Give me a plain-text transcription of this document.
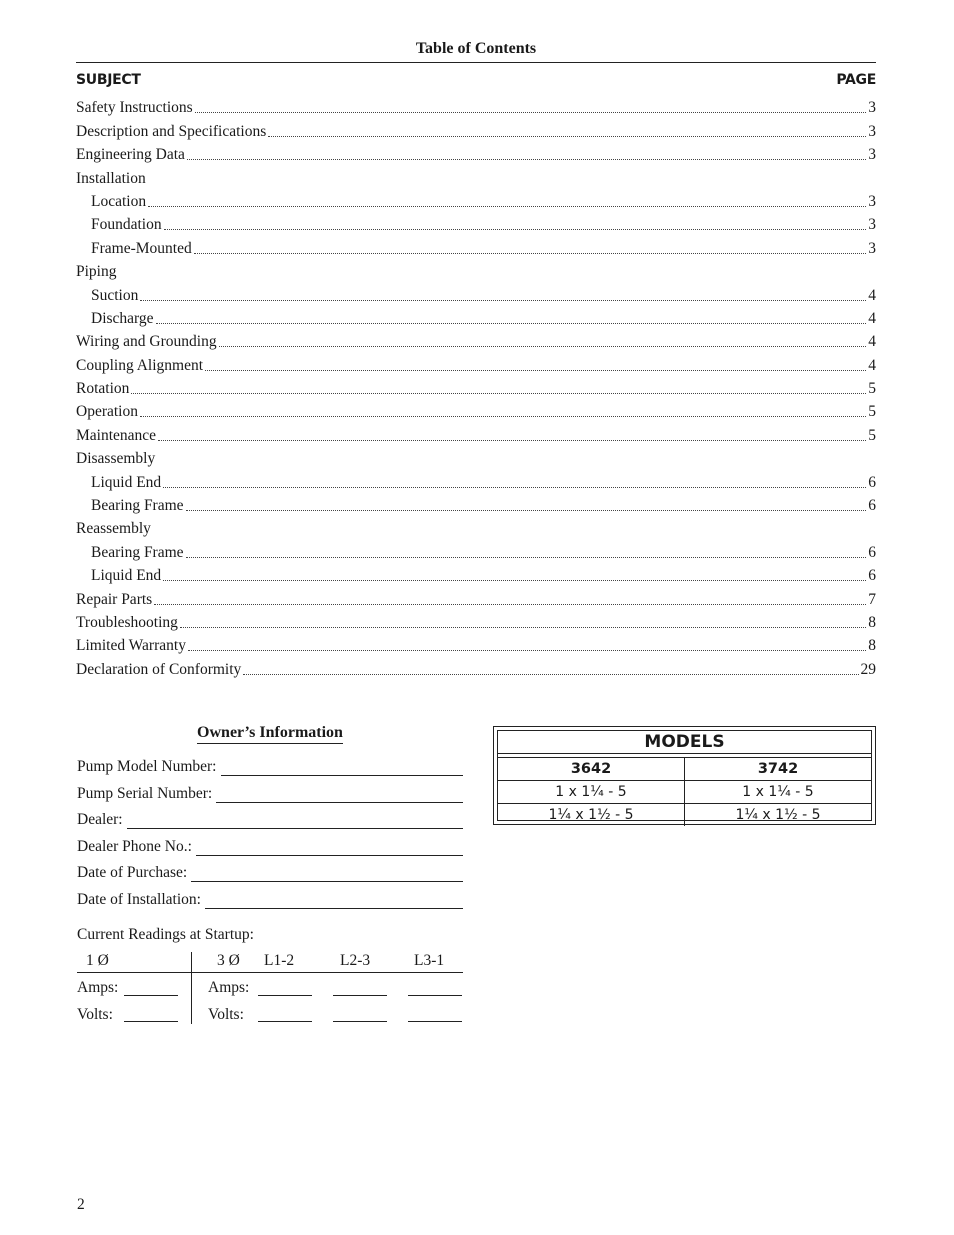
Table of Contents
SUBJECT	PAGE
Safety Instructions	3
Description and Specifications	3
Engineering Data	3
Installation
Location	3
Foundation	3
Frame-Mounted	3
Piping
Suction	4
Discharge	4
Wiring and Grounding	4
Coupling Alignment	4
Rotation	5
Operation	5
Maintenance	5
Disassembly
Liquid End	6
Bearing Frame	6
Reassembly
Bearing Frame	6
Liquid End	6
Repair Parts	7
Troubleshooting	8
Limited Warranty	8
Declaration of Conformity	29
Owner’s Information
Pump Model Number:
Pump Serial Number:
Dealer:
Dealer Phone No.:
Date of Purchase:
Date of Installation:
Current Readings at Startup:
1 Ø	3 Ø L1-2	L2-3	L3-1
Amps:	Amps:
Volts:	Volts:
MODELS
3642	3742
1 x 1¼ - 5	1 x 1¼ - 5
1¼ x 1½ - 5	1¼ x 1½ - 5
2
